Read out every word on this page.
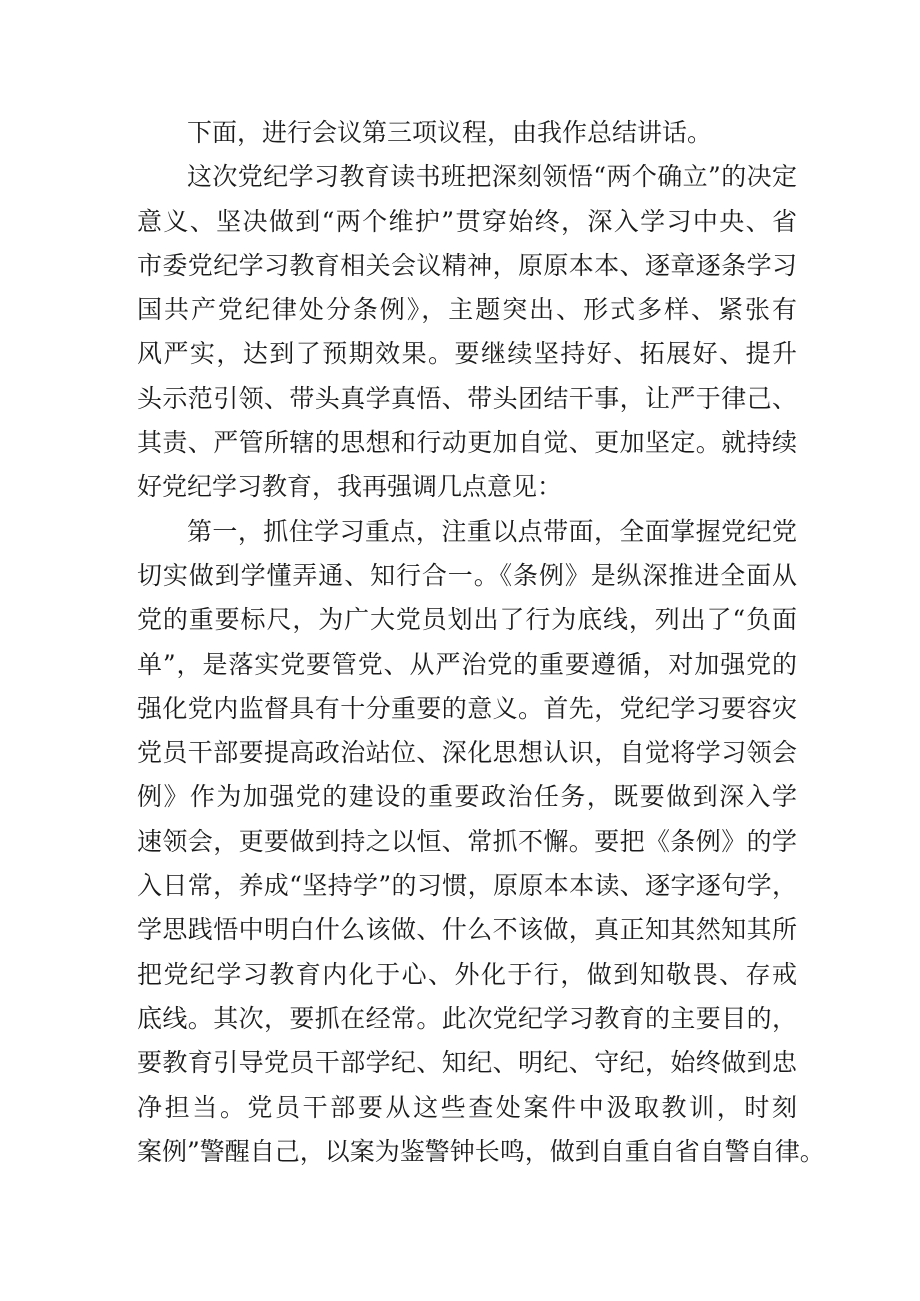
下面，进行会议第三项议程，由我作总结讲话。
这次党纪学习教育读书班把深刻领悟“两个确立”的决定
意义、坚决做到“两个维护”贯穿始终，深入学习中央、省
市委党纪学习教育相关会议精神，原原本本、逐章逐条学习
国共产党纪律处分条例》，主题突出、形式多样、紧张有
风严实，达到了预期效果。要继续坚持好、拓展好、提升
头示范引领、带头真学真悟、带头团结干事，让严于律己、
其责、严管所辖的思想和行动更加自觉、更加坚定。就持续
好党纪学习教育，我再强调几点意见：
第一，抓住学习重点，注重以点带面，全面掌握党纪党
切实做到学懂弄通、知行合一。《条例》是纵深推进全面从
党的重要标尺，为广大党员划出了行为底线，列出了“负面
单”，是落实党要管党、从严治党的重要遵循，对加强党的
强化党内监督具有十分重要的意义。首先，党纪学习要容灾
党员干部要提高政治站位、深化思想认识，自觉将学习领会
例》作为加强党的建设的重要政治任务，既要做到深入学
速领会，更要做到持之以恒、常抓不懈。要把《条例》的学
入日常，养成“坚持学”的习惯，原原本本读、逐字逐句学，
学思践悟中明白什么该做、什么不该做，真正知其然知其所
把党纪学习教育内化于心、外化于行，做到知敬畏、存戒
底线。其次，要抓在经常。此次党纪学习教育的主要目的，
要教育引导党员干部学纪、知纪、明纪、守纪，始终做到忠
净担当。党员干部要从这些查处案件中汲取教训，时刻
案例”警醒自己，以案为鉴警钟长鸣，做到自重自省自警自律。
